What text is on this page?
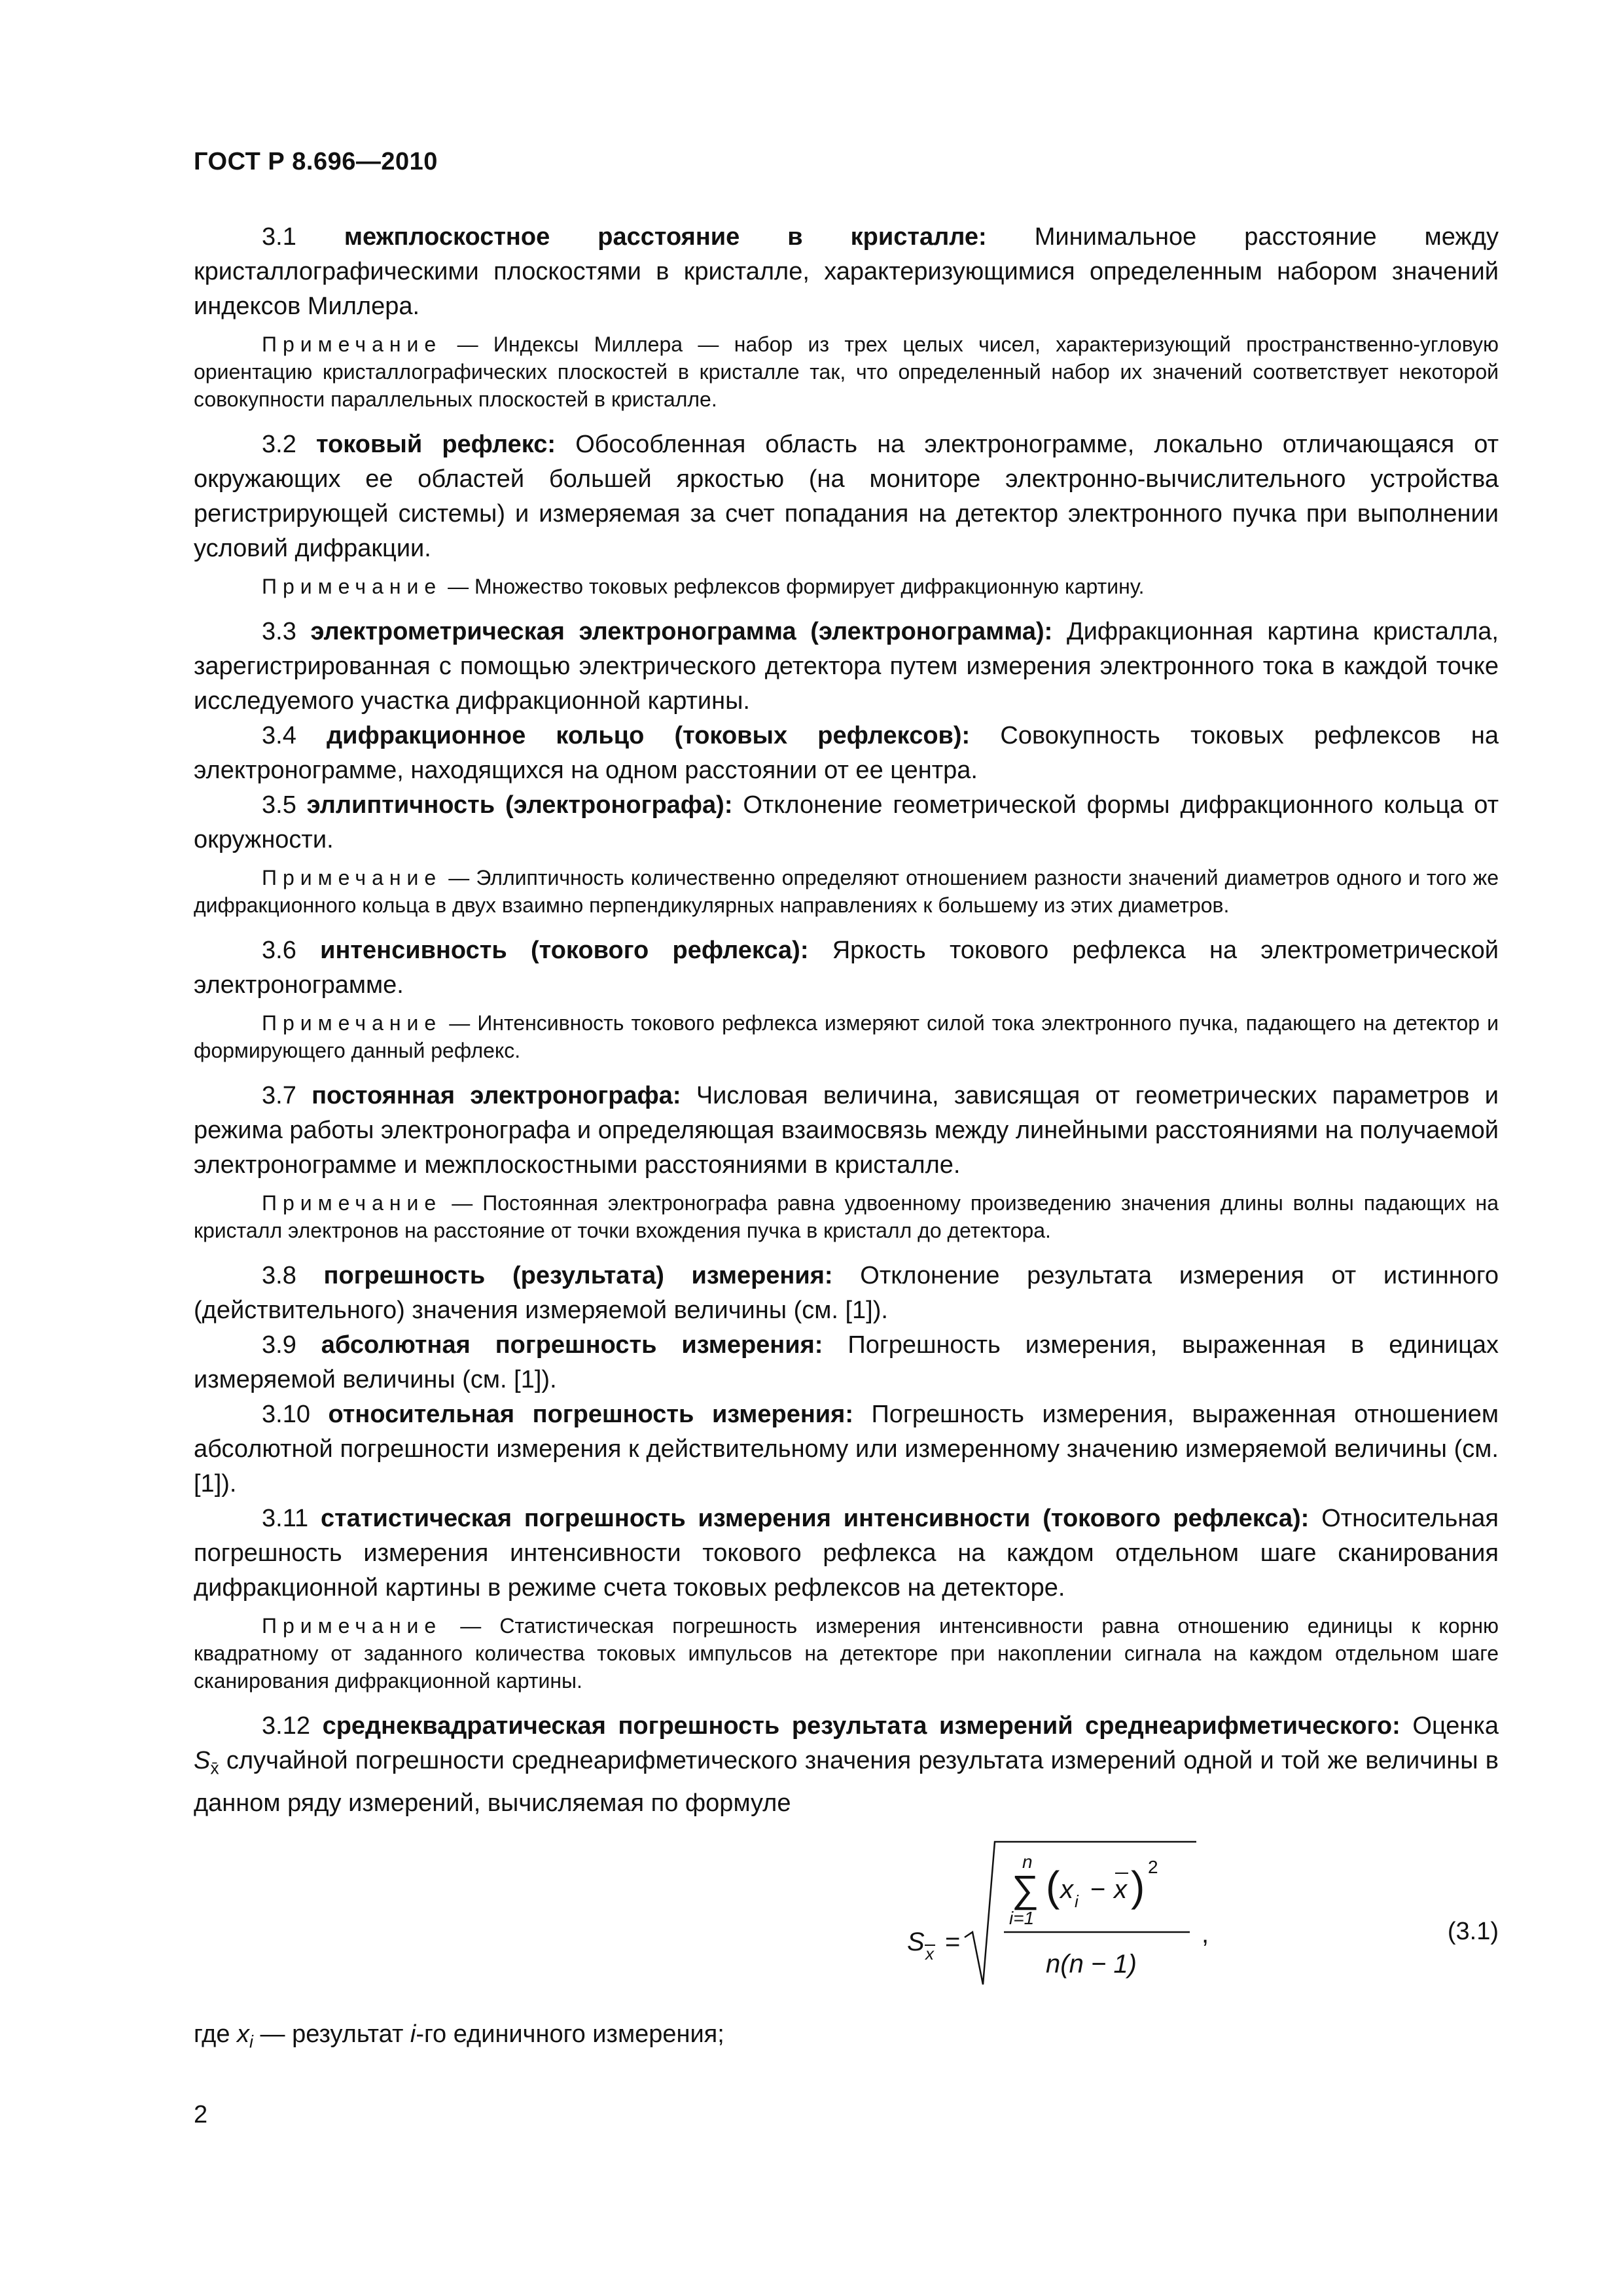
ГОСТ Р 8.696—2010

3.1 межплоскостное расстояние в кристалле: Минимальное расстояние между кристаллографическими плоскостями в кристалле, характеризующимися определенным набором значений индексов Миллера.

Примечание — Индексы Миллера — набор из трех целых чисел, характеризующий пространственно-угловую ориентацию кристаллографических плоскостей в кристалле так, что определенный набор их значений соответствует некоторой совокупности параллельных плоскостей в кристалле.

3.2 токовый рефлекс: Обособленная область на электронограмме, локально отличающаяся от окружающих ее областей большей яркостью (на мониторе электронно-вычислительного устройства регистрирующей системы) и измеряемая за счет попадания на детектор электронного пучка при выполнении условий дифракции.

Примечание — Множество токовых рефлексов формирует дифракционную картину.

3.3 электрометрическая электронограмма (электронограмма): Дифракционная картина кристалла, зарегистрированная с помощью электрического детектора путем измерения электронного тока в каждой точке исследуемого участка дифракционной картины.

3.4 дифракционное кольцо (токовых рефлексов): Совокупность токовых рефлексов на электронограмме, находящихся на одном расстоянии от ее центра.

3.5 эллиптичность (электронографа): Отклонение геометрической формы дифракционного кольца от окружности.

Примечание — Эллиптичность количественно определяют отношением разности значений диаметров одного и того же дифракционного кольца в двух взаимно перпендикулярных направлениях к большему из этих диаметров.

3.6 интенсивность (токового рефлекса): Яркость токового рефлекса на электрометрической электронограмме.

Примечание — Интенсивность токового рефлекса измеряют силой тока электронного пучка, падающего на детектор и формирующего данный рефлекс.

3.7 постоянная электронографа: Числовая величина, зависящая от геометрических параметров и режима работы электронографа и определяющая взаимосвязь между линейными расстояниями на получаемой электронограмме и межплоскостными расстояниями в кристалле.

Примечание — Постоянная электронографа равна удвоенному произведению значения длины волны падающих на кристалл электронов на расстояние от точки вхождения пучка в кристалл до детектора.

3.8 погрешность (результата) измерения: Отклонение результата измерения от истинного (действительного) значения измеряемой величины (см. [1]).

3.9 абсолютная погрешность измерения: Погрешность измерения, выраженная в единицах измеряемой величины (см. [1]).

3.10 относительная погрешность измерения: Погрешность измерения, выраженная отношением абсолютной погрешности измерения к действительному или измеренному значению измеряемой величины (см. [1]).

3.11 статистическая погрешность измерения интенсивности (токового рефлекса): Относительная погрешность измерения интенсивности токового рефлекса на каждом отдельном шаге сканирования дифракционной картины в режиме счета токовых рефлексов на детекторе.

Примечание — Статистическая погрешность измерения интенсивности равна отношению единицы к корню квадратному от заданного количества токовых импульсов на детекторе при накоплении сигнала на каждом отдельном шаге сканирования дифракционной картины.

3.12 среднеквадратическая погрешность результата измерений среднеарифметического: Оценка $S_{x̄}$ случайной погрешности среднеарифметического значения результата измерений одной и той же величины в данном ряду измерений, вычисляемая по формуле

S x =
n
∑
i=1
( x i − x ) 2
n(n − 1)
,	(3.1)

где $x_i$ — результат i-го единичного измерения;

2
